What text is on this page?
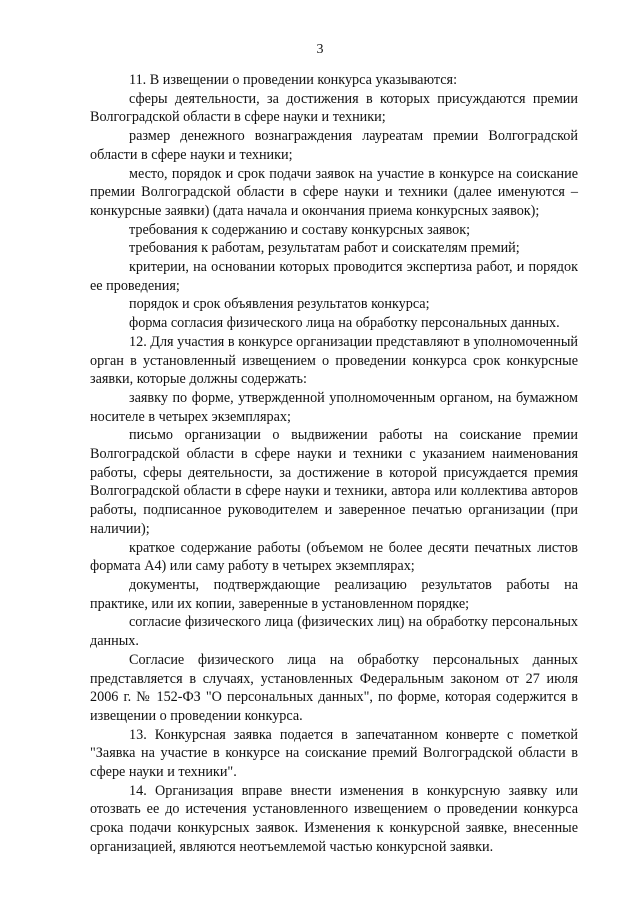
3

11. В извещении о проведении конкурса указываются:

сферы деятельности, за достижения в которых присуждаются премии Волгоградской области в сфере науки и техники;

размер денежного вознаграждения лауреатам премии Волгоградской области в сфере науки и техники;

место, порядок и срок подачи заявок на участие в конкурсе на соискание премии Волгоградской области в сфере науки и техники (далее именуются – конкурсные заявки) (дата начала и окончания приема конкурсных заявок);

требования к содержанию и составу конкурсных заявок;

требования к работам, результатам работ и соискателям премий;

критерии, на основании которых проводится экспертиза работ, и порядок ее проведения;

порядок и срок объявления результатов конкурса;

форма согласия физического лица на обработку персональных данных.

12. Для участия в конкурсе организации представляют в уполномоченный орган в установленный извещением о проведении конкурса срок конкурсные заявки, которые должны содержать:

заявку по форме, утвержденной уполномоченным органом, на бумажном носителе в четырех экземплярах;

письмо организации о выдвижении работы на соискание премии Волгоградской области в сфере науки и техники с указанием наименования работы, сферы деятельности, за достижение в которой присуждается премия Волгоградской области в сфере науки и техники, автора или коллектива авторов работы, подписанное руководителем и заверенное печатью организации (при наличии);

краткое содержание работы (объемом не более десяти печатных листов формата А4) или саму работу в четырех экземплярах;

документы, подтверждающие реализацию результатов работы на практике, или их копии, заверенные в установленном порядке;

согласие физического лица (физических лиц) на обработку персональных данных.

Согласие физического лица на обработку персональных данных представляется в случаях, установленных Федеральным законом от 27 июля 2006 г. № 152-ФЗ "О персональных данных", по форме, которая содержится в извещении о проведении конкурса.

13. Конкурсная заявка подается в запечатанном конверте с пометкой "Заявка на участие в конкурсе на соискание премий Волгоградской области в сфере науки и техники".

14. Организация вправе внести изменения в конкурсную заявку или отозвать ее до истечения установленного извещением о проведении конкурса срока подачи конкурсных заявок. Изменения к конкурсной заявке, внесенные организацией, являются неотъемлемой частью конкурсной заявки.
